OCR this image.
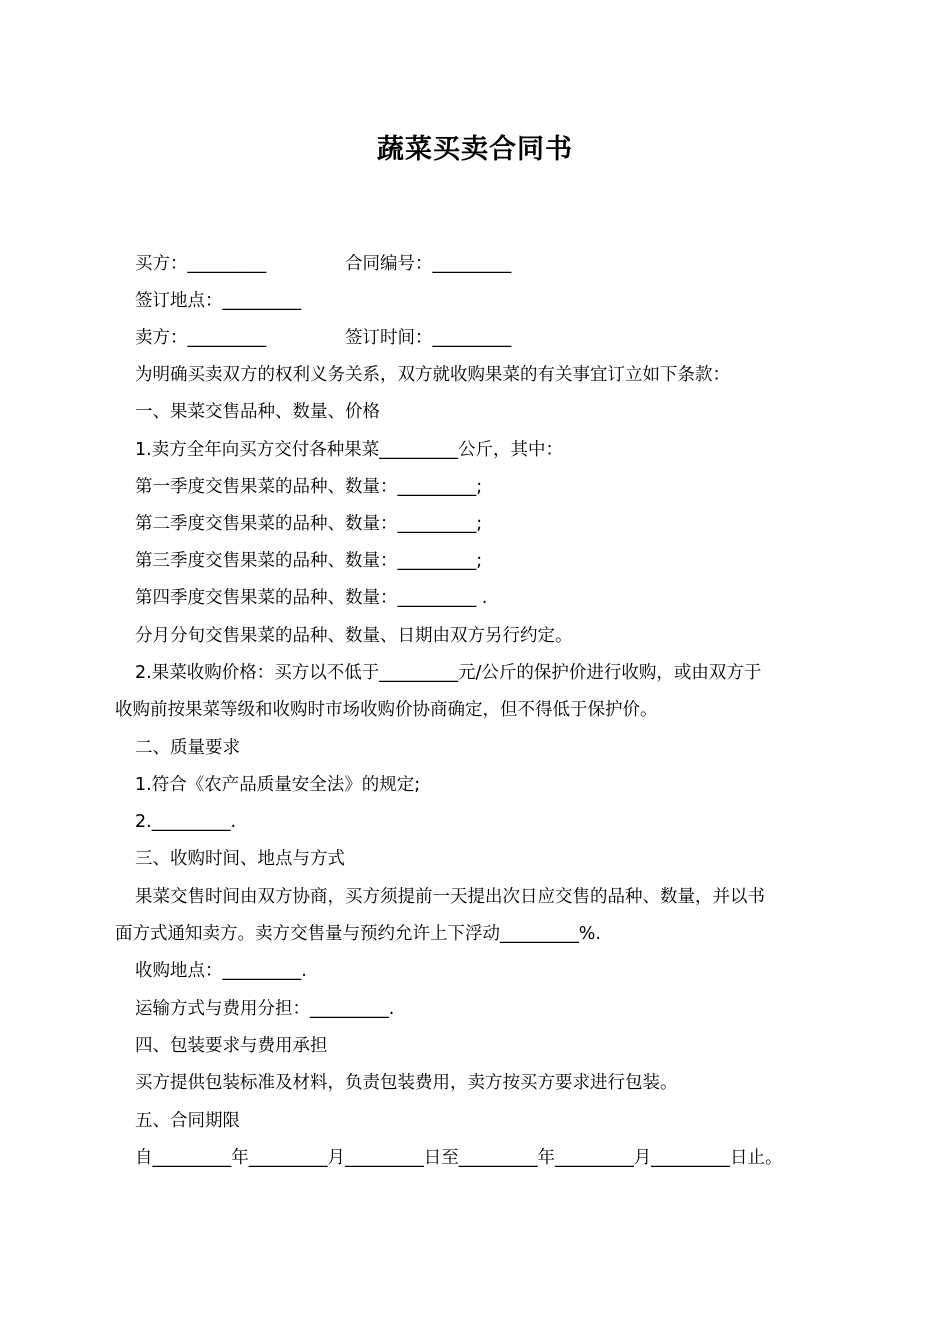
蔬菜买卖合同书
买方：_________	合同编号：_________
签订地点：_________
卖方：_________	签订时间：_________
为明确买卖双方的权利义务关系，双方就收购果菜的有关事宜订立如下条款：
一、果菜交售品种、数量、价格
1.卖方全年向买方交付各种果菜_________公斤，其中：
第一季度交售果菜的品种、数量：_________;
第二季度交售果菜的品种、数量：_________;
第三季度交售果菜的品种、数量：_________;
第四季度交售果菜的品种、数量：_________ .
分月分旬交售果菜的品种、数量、日期由双方另行约定。
2.果菜收购价格：买方以不低于_________元/公斤的保护价进行收购，或由双方于
收购前按果菜等级和收购时市场收购价协商确定，但不得低于保护价。
二、质量要求
1.符合《农产品质量安全法》的规定;
2._________.
三、收购时间、地点与方式
果菜交售时间由双方协商，买方须提前一天提出次日应交售的品种、数量，并以书
面方式通知卖方。卖方交售量与预约允许上下浮动_________%.
收购地点：_________.
运输方式与费用分担：_________.
四、包装要求与费用承担
买方提供包装标准及材料，负责包装费用，卖方按买方要求进行包装。
五、合同期限
自_________年_________月_________日至_________年_________月_________日止。
